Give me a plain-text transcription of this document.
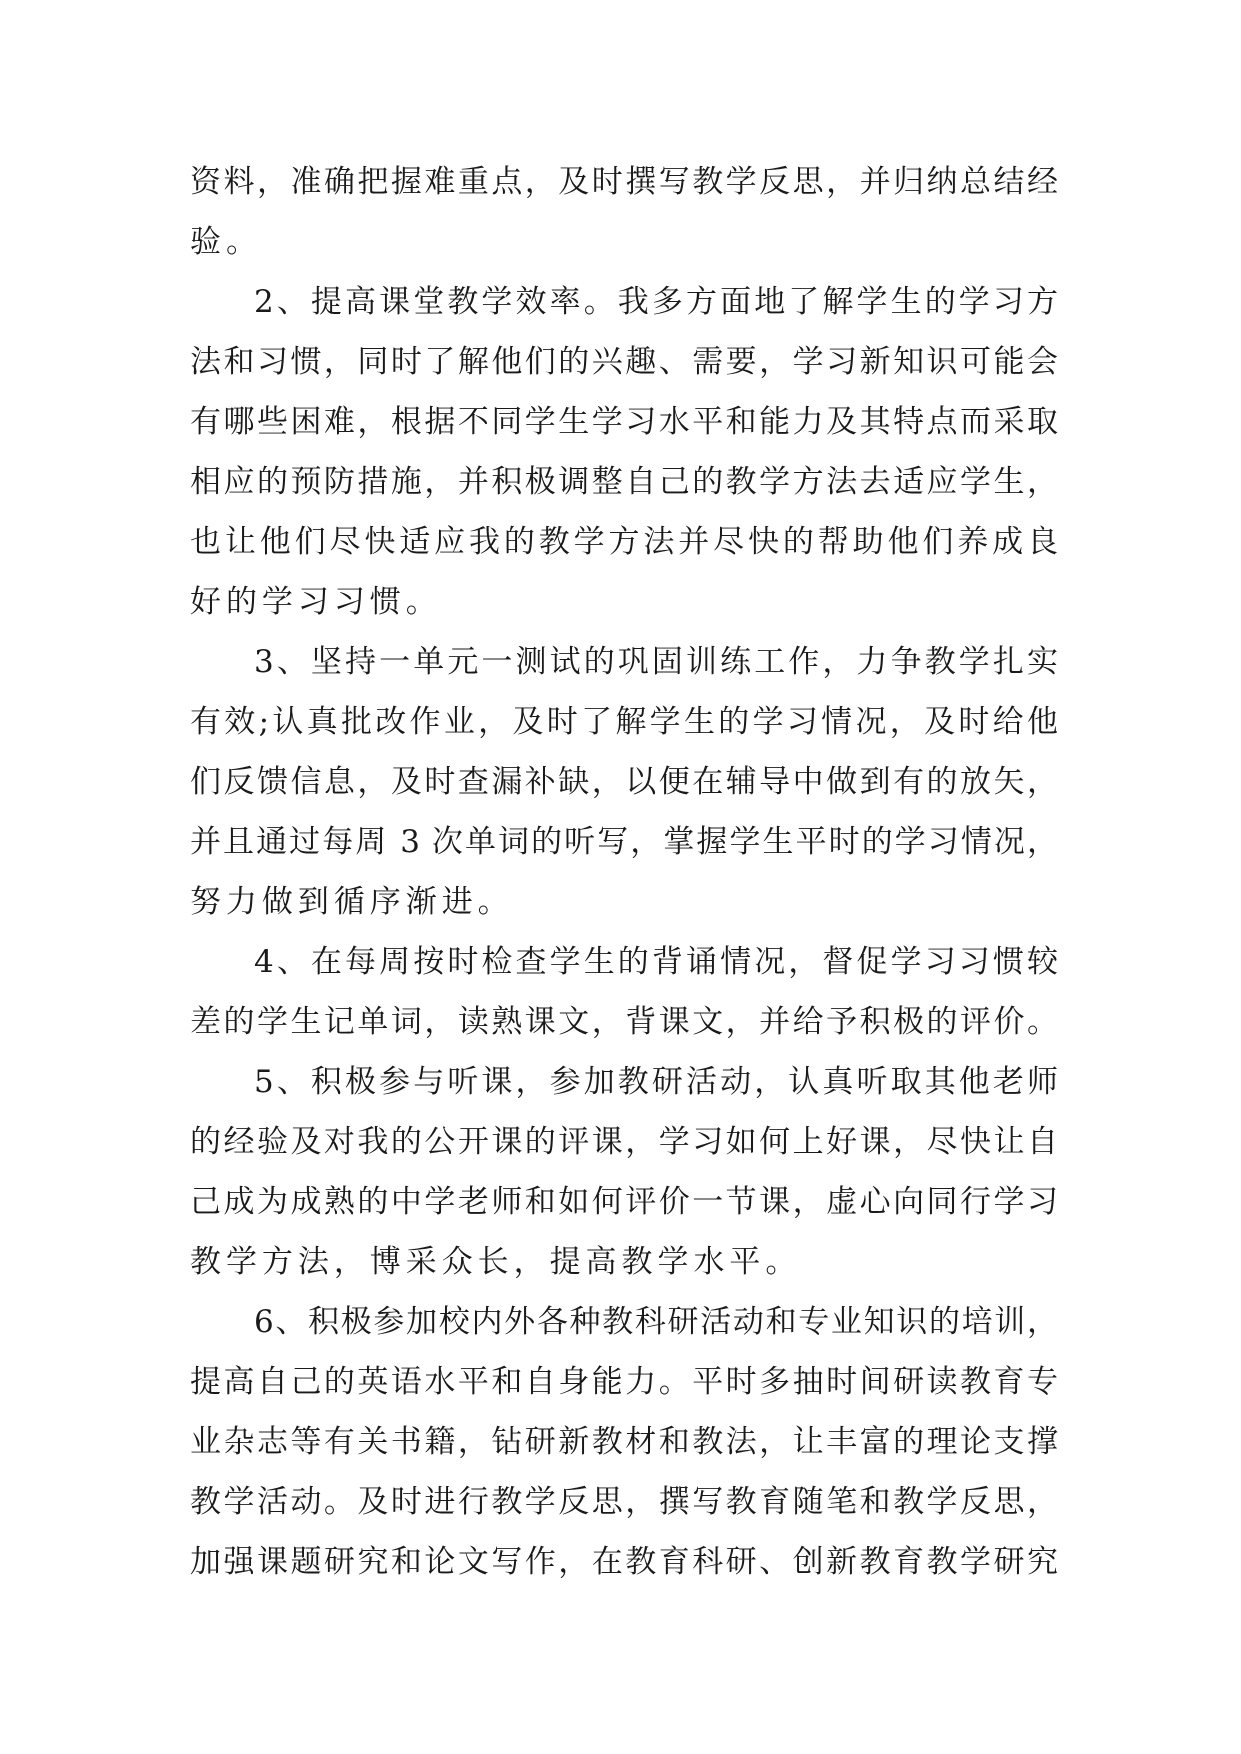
资料，准确把握难重点，及时撰写教学反思，并归纳总结经
验。
2、提高课堂教学效率。我多方面地了解学生的学习方
法和习惯，同时了解他们的兴趣、需要，学习新知识可能会
有哪些困难，根据不同学生学习水平和能力及其特点而采取
相应的预防措施，并积极调整自己的教学方法去适应学生，
也让他们尽快适应我的教学方法并尽快的帮助他们养成良
好的学习习惯。
3、坚持一单元一测试的巩固训练工作，力争教学扎实
有效;认真批改作业，及时了解学生的学习情况，及时给他
们反馈信息，及时查漏补缺，以便在辅导中做到有的放矢，
并且通过每周 3 次单词的听写，掌握学生平时的学习情况，
努力做到循序渐进。
4、在每周按时检查学生的背诵情况，督促学习习惯较
差的学生记单词，读熟课文，背课文，并给予积极的评价。
5、积极参与听课，参加教研活动，认真听取其他老师
的经验及对我的公开课的评课，学习如何上好课，尽快让自
己成为成熟的中学老师和如何评价一节课，虚心向同行学习
教学方法，博采众长，提高教学水平。
6、积极参加校内外各种教科研活动和专业知识的培训，
提高自己的英语水平和自身能力。平时多抽时间研读教育专
业杂志等有关书籍，钻研新教材和教法，让丰富的理论支撑
教学活动。及时进行教学反思，撰写教育随笔和教学反思，
加强课题研究和论文写作，在教育科研、创新教育教学研究
